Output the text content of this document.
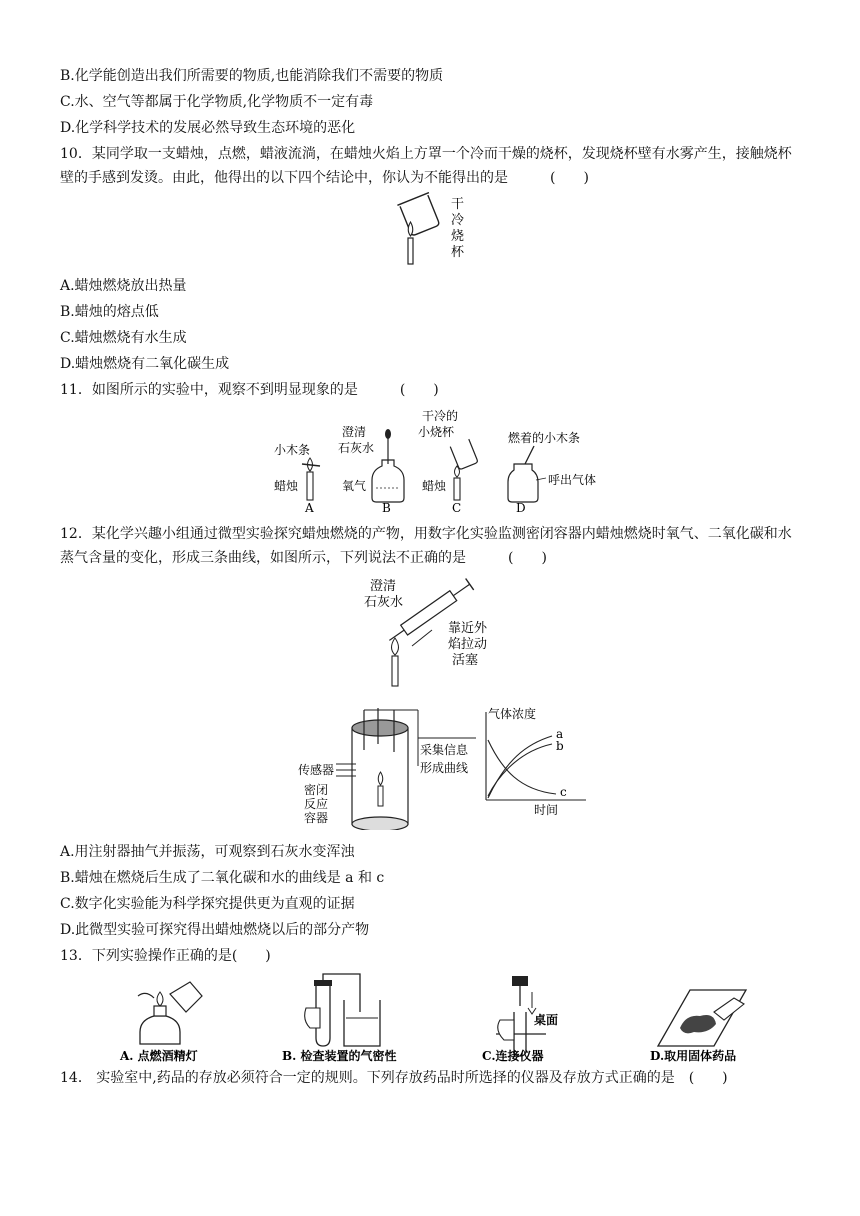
B.化学能创造出我们所需要的物质,也能消除我们不需要的物质
C.水、空气等都属于化学物质,化学物质不一定有毒
D.化学科学技术的发展必然导致生态环境的恶化
10．某同学取一支蜡烛，点燃，蜡液流淌，在蜡烛火焰上方罩一个冷而干燥的烧杯，发现烧杯壁有水雾产生，接触烧杯壁的手感到发烫。由此，他得出的以下四个结论中，你认为不能得出的是　　　(　　)
干
冷
烧
杯
A.蜡烛燃烧放出热量
B.蜡烛的熔点低
C.蜡烛燃烧有水生成
D.蜡烛燃烧有二氧化碳生成
11．如图所示的实验中，观察不到明显现象的是　　　(　　)
小木条
蜡烛
A
澄清
石灰水
氧气
B
干冷的
小烧杯
蜡烛
C
燃着的小木条
呼出气体
D
12．某化学兴趣小组通过微型实验探究蜡烛燃烧的产物，用数字化实验监测密闭容器内蜡烛燃烧时氧气、二氧化碳和水蒸气含量的变化，形成三条曲线，如图所示，下列说法不正确的是　　　(　　)
澄清
石灰水
靠近外
焰拉动
活塞
传感器
密闭
反应
容器
采集信息
形成曲线
气体浓度
时间
a
b
c
A.用注射器抽气并振荡，可观察到石灰水变浑浊
B.蜡烛在燃烧后生成了二氧化碳和水的曲线是 a 和 c
C.数字化实验能为科学探究提供更为直观的证据
D.此微型实验可探究得出蜡烛燃烧以后的部分产物
13．下列实验操作正确的是(　　)
A. 点燃酒精灯	B. 检查装置的气密性
桌面
C.连接仪器	D.取用固体药品
14． 实验室中,药品的存放必须符合一定的规则。下列存放药品时所选择的仪器及存放方式正确的是　(　　)
